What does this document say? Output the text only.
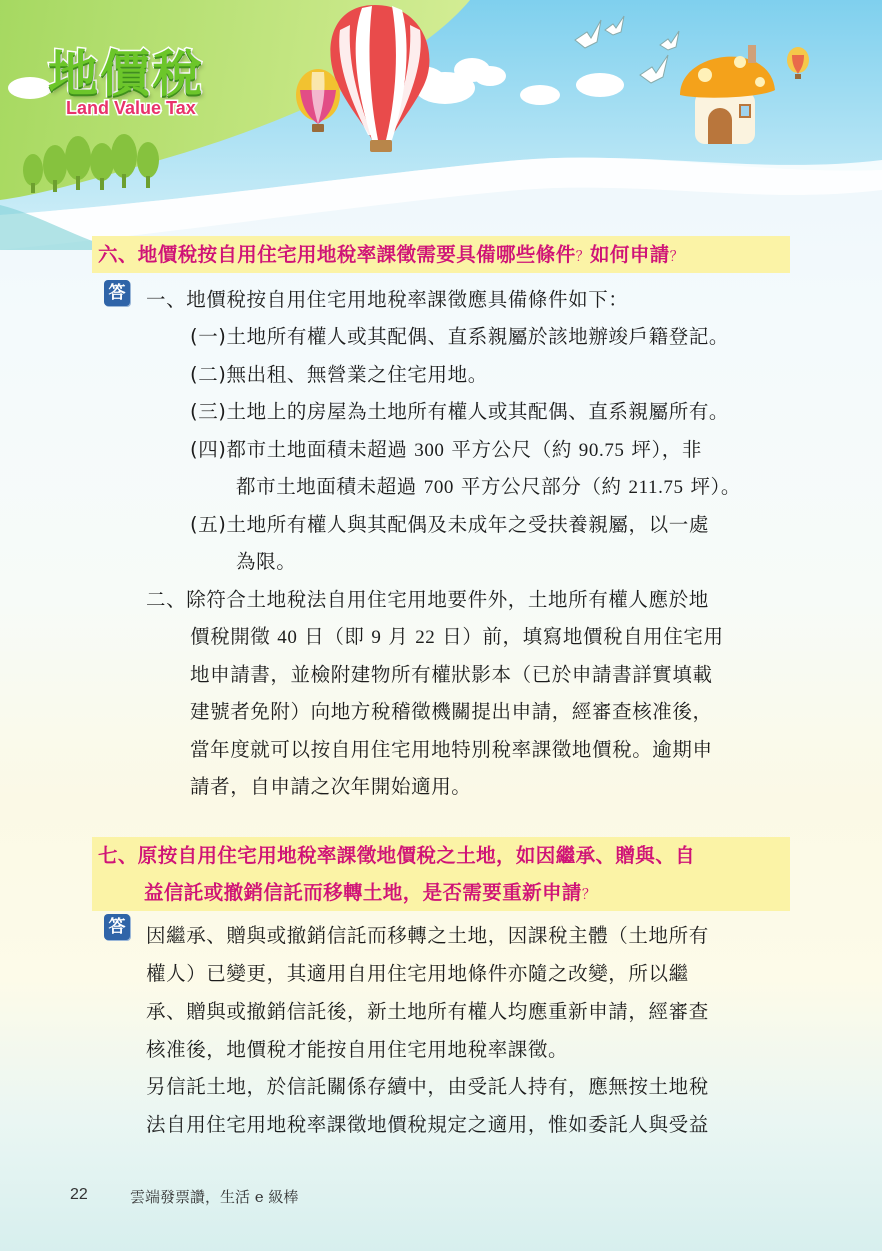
地價稅
Land Value Tax
六、地價稅按自用住宅用地稅率課徵需要具備哪些條件？如何申請？
答 一、地價稅按自用住宅用地稅率課徵應具備條件如下：
(一)土地所有權人或其配偶、直系親屬於該地辦竣戶籍登記。
(二)無出租、無營業之住宅用地。
(三)土地上的房屋為土地所有權人或其配偶、直系親屬所有。
(四)都市土地面積未超過 300 平方公尺（約 90.75 坪），非
都市土地面積未超過 700 平方公尺部分（約 211.75 坪）。
(五)土地所有權人與其配偶及未成年之受扶養親屬，以一處
為限。
二、除符合土地稅法自用住宅用地要件外，土地所有權人應於地
價稅開徵 40 日（即 9 月 22 日）前，填寫地價稅自用住宅用
地申請書，並檢附建物所有權狀影本（已於申請書詳實填載
建號者免附）向地方稅稽徵機關提出申請，經審查核准後，
當年度就可以按自用住宅用地特別稅率課徵地價稅。逾期申
請者，自申請之次年開始適用。
七、原按自用住宅用地稅率課徵地價稅之土地，如因繼承、贈與、自
益信託或撤銷信託而移轉土地，是否需要重新申請？
答 因繼承、贈與或撤銷信託而移轉之土地，因課稅主體（土地所有
權人）已變更，其適用自用住宅用地條件亦隨之改變，所以繼
承、贈與或撤銷信託後，新土地所有權人均應重新申請，經審查
核准後，地價稅才能按自用住宅用地稅率課徵。
另信託土地，於信託關係存續中，由受託人持有，應無按土地稅
法自用住宅用地稅率課徵地價稅規定之適用，惟如委託人與受益
22	雲端發票讚，生活 e 級棒
